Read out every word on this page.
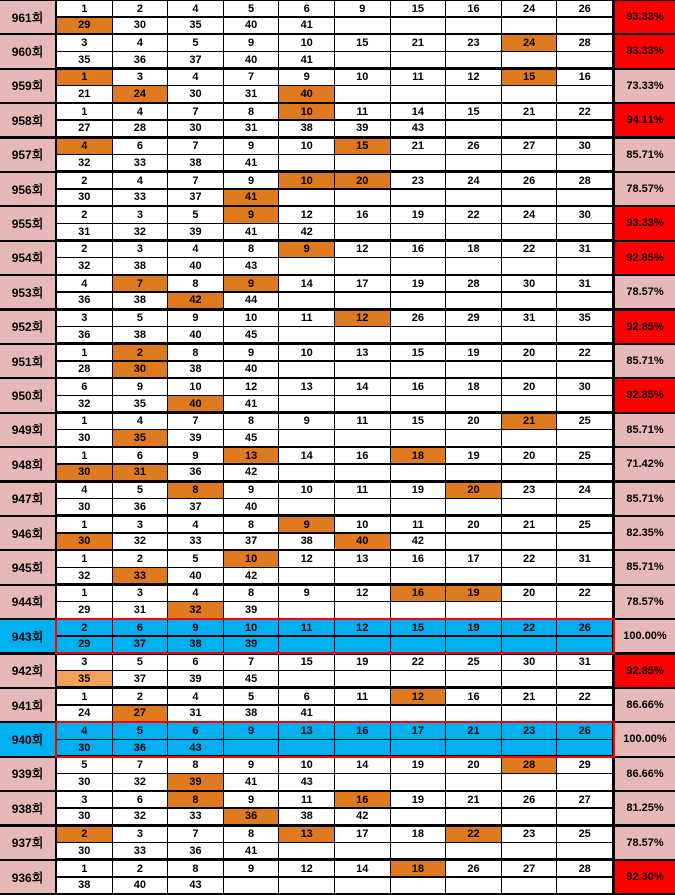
961회
1	2	4	5	6	9	15	16	24	26
29	30	35	40	41
93.33%
960회
3	4	5	9	10	15	21	23	24	28
35	36	37	40	41
93.33%
959회
1	3	4	7	9	10	11	12	15	16
21	24	30	31	40
73.33%
958회
1	4	7	8	10	11	14	15	21	22
27	28	30	31	38	39	43
94.11%
957회
4	6	7	9	10	15	21	26	27	30
32	33	38	41
85.71%
956회
2	4	7	9	10	20	23	24	26	28
30	33	37	41
78.57%
955회
2	3	5	9	12	16	19	22	24	30
31	32	39	41	42
93.33%
954회
2	3	4	8	9	12	16	18	22	31
32	38	40	43
92.85%
953회
4	7	8	9	14	17	19	28	30	31
36	38	42	44
78.57%
952회
3	5	9	10	11	12	26	29	31	35
36	38	40	45
92.85%
951회
1	2	8	9	10	13	15	19	20	22
28	30	38	40
85.71%
950회
6	9	10	12	13	14	16	18	20	30
32	35	40	41
92.85%
949회
1	4	7	8	9	11	15	20	21	25
30	35	39	45
85.71%
948회
1	6	9	13	14	16	18	19	20	25
30	31	36	42
71.42%
947회
4	5	8	9	10	11	19	20	23	24
30	36	37	40
85.71%
946회
1	3	4	8	9	10	11	20	21	25
30	32	33	37	38	40	42
82.35%
945회
1	2	5	10	12	13	16	17	22	31
32	33	40	42
85.71%
944회
1	3	4	8	9	12	16	19	20	22
29	31	32	39
78.57%
943회
2	6	9	10	11	12	15	19	22	26
29	37	38	39
100.00%
942회
3	5	6	7	15	19	22	25	30	31
35	37	39	45
92.85%
941회
1	2	4	5	6	11	12	16	21	22
24	27	31	38	41
86.66%
940회
4	5	6	9	13	16	17	21	23	26
30	36	43
100.00%
939회
5	7	8	9	10	14	19	20	28	29
30	32	39	41	43
86.66%
938회
3	6	8	9	11	16	19	21	26	27
30	32	33	36	38	42
81.25%
937회
2	3	7	8	13	17	18	22	23	25
30	33	36	41
78.57%
936회
1	2	8	9	12	14	18	26	27	28
38	40	43
92.30%
